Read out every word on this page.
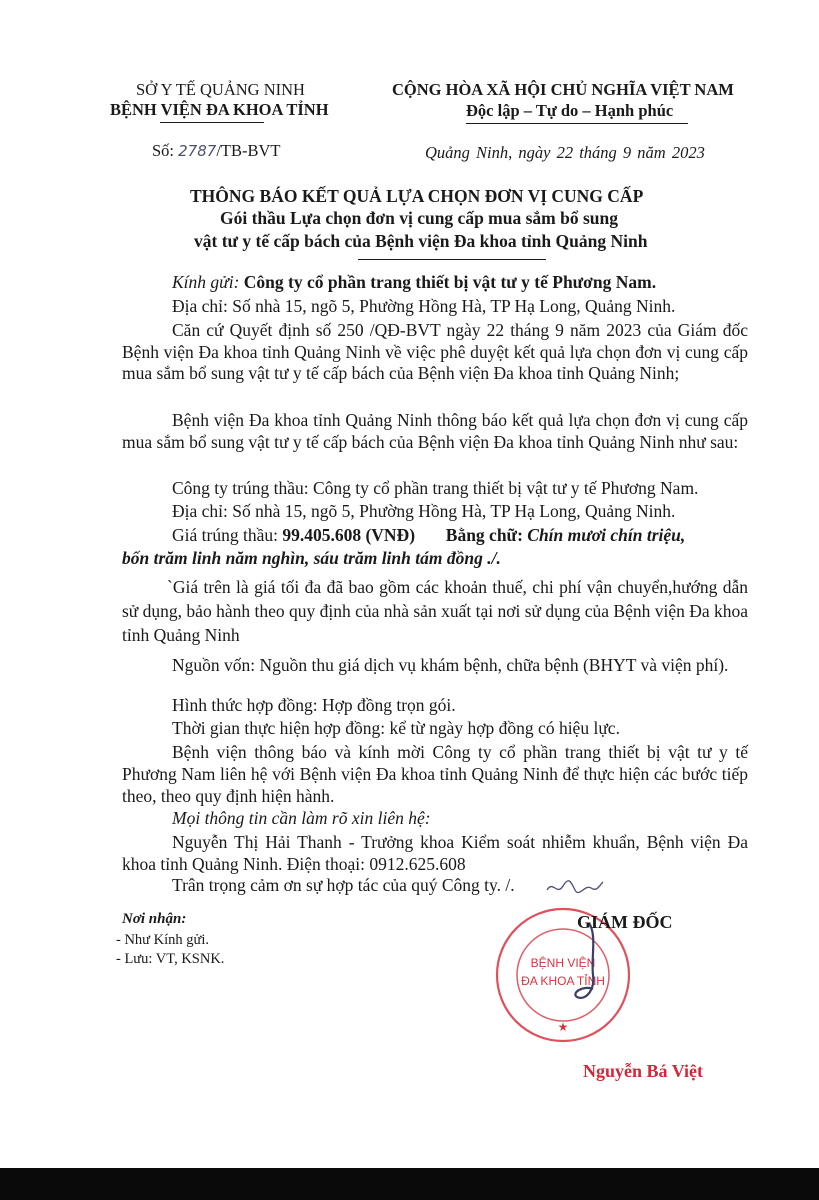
SỞ Y TẾ QUẢNG NINH
BỆNH VIỆN ĐA KHOA TỈNH
CỘNG HÒA XÃ HỘI CHỦ NGHĨA VIỆT NAM
Độc lập – Tự do – Hạnh phúc
Số: 2787/TB-BVT	Quảng Ninh, ngày 22 tháng 9 năm 2023
THÔNG BÁO KẾT QUẢ LỰA CHỌN ĐƠN VỊ CUNG CẤP
Gói thầu Lựa chọn đơn vị cung cấp mua sắm bổ sung
vật tư y tế cấp bách của Bệnh viện Đa khoa tỉnh Quảng Ninh
Kính gửi: Công ty cổ phần trang thiết bị vật tư y tế Phương Nam.
Địa chỉ: Số nhà 15, ngõ 5, Phường Hồng Hà, TP Hạ Long, Quảng Ninh.
Căn cứ Quyết định số 250 /QĐ-BVT ngày 22 tháng 9 năm 2023 của Giám đốc Bệnh viện Đa khoa tỉnh Quảng Ninh về việc phê duyệt kết quả lựa chọn đơn vị cung cấp mua sắm bổ sung vật tư y tế cấp bách của Bệnh viện Đa khoa tỉnh Quảng Ninh;
Bệnh viện Đa khoa tỉnh Quảng Ninh thông báo kết quả lựa chọn đơn vị cung cấp mua sắm bổ sung vật tư y tế cấp bách của Bệnh viện Đa khoa tỉnh Quảng Ninh như sau:
Công ty trúng thầu: Công ty cổ phần trang thiết bị vật tư y tế Phương Nam.
Địa chỉ: Số nhà 15, ngõ 5, Phường Hồng Hà, TP Hạ Long, Quảng Ninh.
Giá trúng thầu: 99.405.608 (VNĐ) Bằng chữ: Chín mươi chín triệu,
bốn trăm linh năm nghìn, sáu trăm linh tám đồng ./.
`Giá trên là giá tối đa đã bao gồm các khoản thuế, chi phí vận chuyển,hướng dẫn sử dụng, bảo hành theo quy định của nhà sản xuất tại nơi sử dụng của Bệnh viện Đa khoa tỉnh Quảng Ninh
Nguồn vốn: Nguồn thu giá dịch vụ khám bệnh, chữa bệnh (BHYT và viện phí).
Hình thức hợp đồng: Hợp đồng trọn gói.
Thời gian thực hiện hợp đồng: kể từ ngày hợp đồng có hiệu lực.
Bệnh viện thông báo và kính mời Công ty cổ phần trang thiết bị vật tư y tế Phương Nam liên hệ với Bệnh viện Đa khoa tỉnh Quảng Ninh để thực hiện các bước tiếp theo, theo quy định hiện hành.
Mọi thông tin cần làm rõ xin liên hệ:
Nguyễn Thị Hải Thanh - Trưởng khoa Kiểm soát nhiễm khuẩn, Bệnh viện Đa khoa tỉnh Quảng Ninh. Điện thoại: 0912.625.608
Trân trọng cảm ơn sự hợp tác của quý Công ty. /.
Nơi nhận:
- Như Kính gửi.
- Lưu: VT, KSNK.	BỆNH VIỆN
ĐA KHOA TỈNH
★
GIÁM ĐỐC
Nguyễn Bá Việt
